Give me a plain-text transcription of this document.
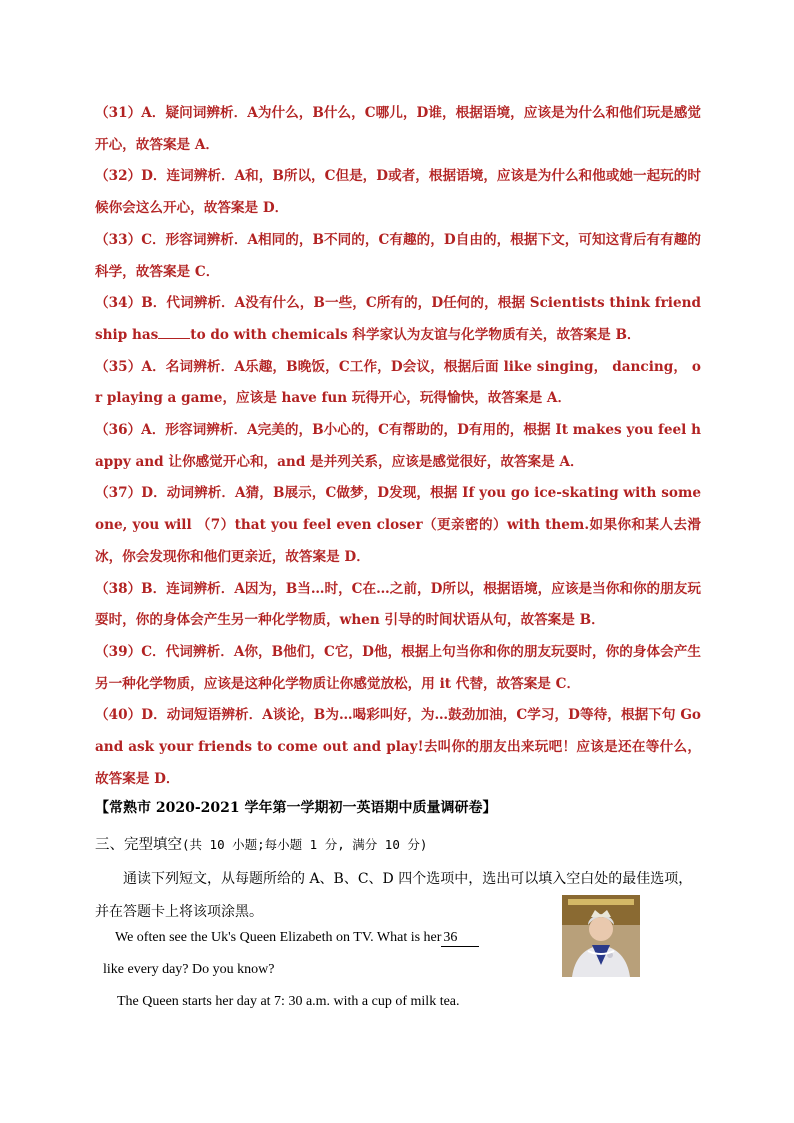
（31）A．疑问词辨析．A为什么，B什么，C哪儿，D谁，根据语境，应该是为什么和他们玩是感觉开心，故答案是 A．

（32）D．连词辨析．A和，B所以，C但是，D或者，根据语境，应该是为什么和他或她一起玩的时候你会这么开心，故答案是 D．

（33）C．形容词辨析．A相同的，B不同的，C有趣的，D自由的，根据下文，可知这背后有有趣的科学，故答案是 C．

（34）B．代词辨析．A没有什么，B一些，C所有的，D任何的，根据 Scientists think friendship has to do with chemicals 科学家认为友谊与化学物质有关，故答案是 B．

（35）A．名词辨析．A乐趣，B晚饭，C工作，D会议，根据后面 like singing， dancing， or playing a game，应该是 have fun 玩得开心，玩得愉快，故答案是 A．

（36）A．形容词辨析．A完美的，B小心的，C有帮助的，D有用的，根据 It makes you feel happy and 让你感觉开心和，and 是并列关系，应该是感觉很好，故答案是 A．

（37）D．动词辨析．A猜，B展示，C做梦，D发现，根据 If you go ice-skating with someone, you will （7）that you feel even closer（更亲密的）with them.如果你和某人去滑冰，你会发现你和他们更亲近，故答案是 D．

（38）B．连词辨析．A因为，B当…时，C在…之前，D所以，根据语境，应该是当你和你的朋友玩耍时，你的身体会产生另一种化学物质，when 引导的时间状语从句，故答案是 B．

（39）C．代词辨析．A你，B他们，C它，D他，根据上句当你和你的朋友玩耍时，你的身体会产生另一种化学物质，应该是这种化学物质让你感觉放松，用 it 代替，故答案是 C．

（40）D．动词短语辨析．A谈论，B为…喝彩叫好，为…鼓劲加油，C学习，D等待，根据下句 Go and ask your friends to come out and play!去叫你的朋友出来玩吧！应该是还在等什么，故答案是 D．

【常熟市 2020-2021 学年第一学期初一英语期中质量调研卷】
三、完型填空(共 10 小题;每小题 1 分, 满分 10 分)

通读下列短文，从每题所给的 A、B、C、D 四个选项中，选出可以填入空白处的最佳选项，并在答题卡上将该项涂黑。

We often see the Uk's Queen Elizabeth on TV. What is her 36
like every day? Do you know?
The Queen starts her day at 7: 30 a.m. with a cup of milk tea.
